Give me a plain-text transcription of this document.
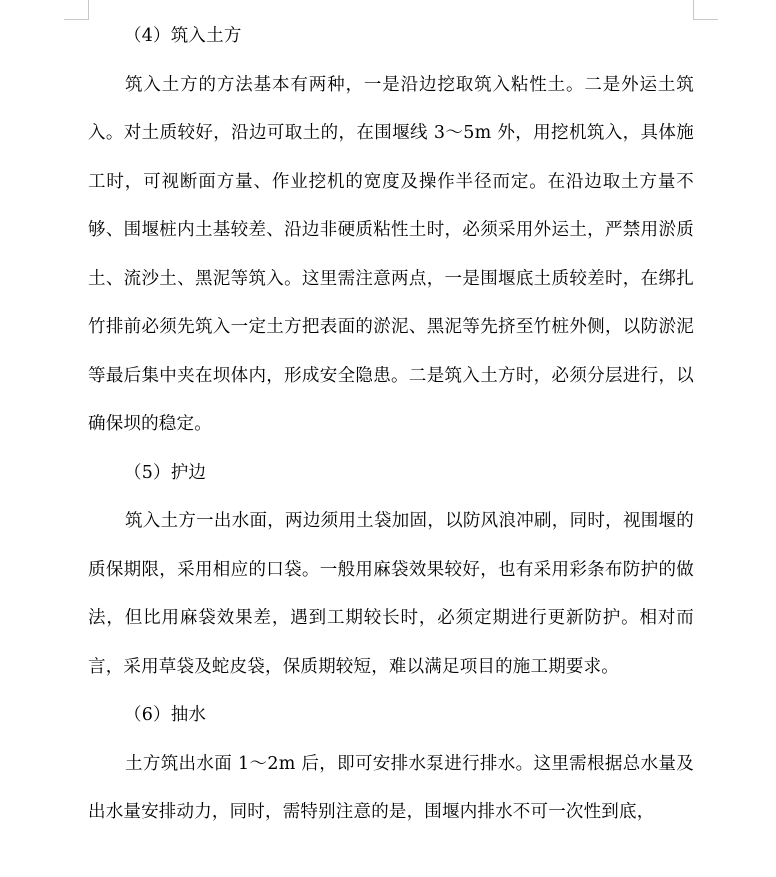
（4）筑入土方

筑入土方的方法基本有两种，一是沿边挖取筑入粘性土。二是外运土筑入。对土质较好，沿边可取土的，在围堰线 3～5m 外，用挖机筑入，具体施工时，可视断面方量、作业挖机的宽度及操作半径而定。在沿边取土方量不够、围堰桩内土基较差、沿边非硬质粘性土时，必须采用外运土，严禁用淤质土、流沙土、黑泥等筑入。这里需注意两点，一是围堰底土质较差时，在绑扎竹排前必须先筑入一定土方把表面的淤泥、黑泥等先挤至竹桩外侧，以防淤泥等最后集中夹在坝体内，形成安全隐患。二是筑入土方时，必须分层进行，以确保坝的稳定。

（5）护边

筑入土方一出水面，两边须用土袋加固，以防风浪冲刷，同时，视围堰的质保期限，采用相应的口袋。一般用麻袋效果较好，也有采用彩条布防护的做法，但比用麻袋效果差，遇到工期较长时，必须定期进行更新防护。相对而言，采用草袋及蛇皮袋，保质期较短，难以满足项目的施工期要求。

（6）抽水

土方筑出水面 1～2m 后，即可安排水泵进行排水。这里需根据总水量及出水量安排动力，同时，需特别注意的是，围堰内排水不可一次性到底，
